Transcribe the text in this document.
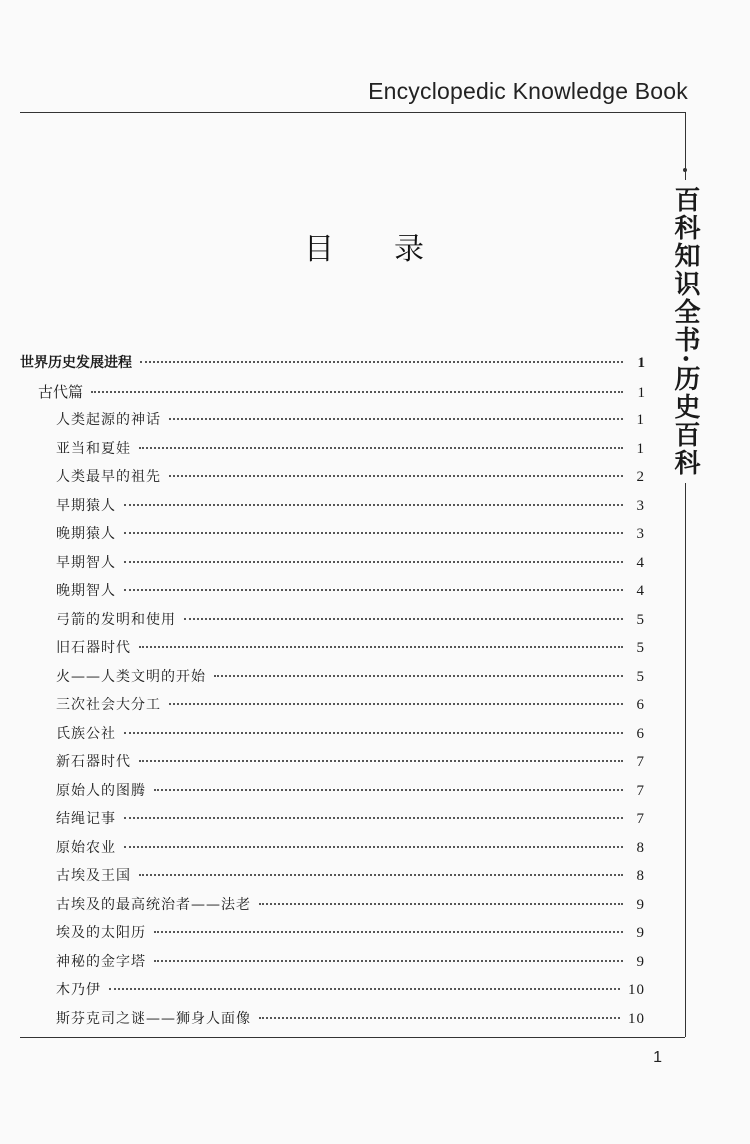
Encyclopedic Knowledge Book
百科知识全书·历史百科
目录
世界历史发展进程	1
古代篇	1
人类起源的神话	1
亚当和夏娃	1
人类最早的祖先	2
早期猿人	3
晚期猿人	3
早期智人	4
晚期智人	4
弓箭的发明和使用	5
旧石器时代	5
火——人类文明的开始	5
三次社会大分工	6
氏族公社	6
新石器时代	7
原始人的图腾	7
结绳记事	7
原始农业	8
古埃及王国	8
古埃及的最高统治者——法老	9
埃及的太阳历	9
神秘的金字塔	9
木乃伊	10
斯芬克司之谜——狮身人面像	10
1
